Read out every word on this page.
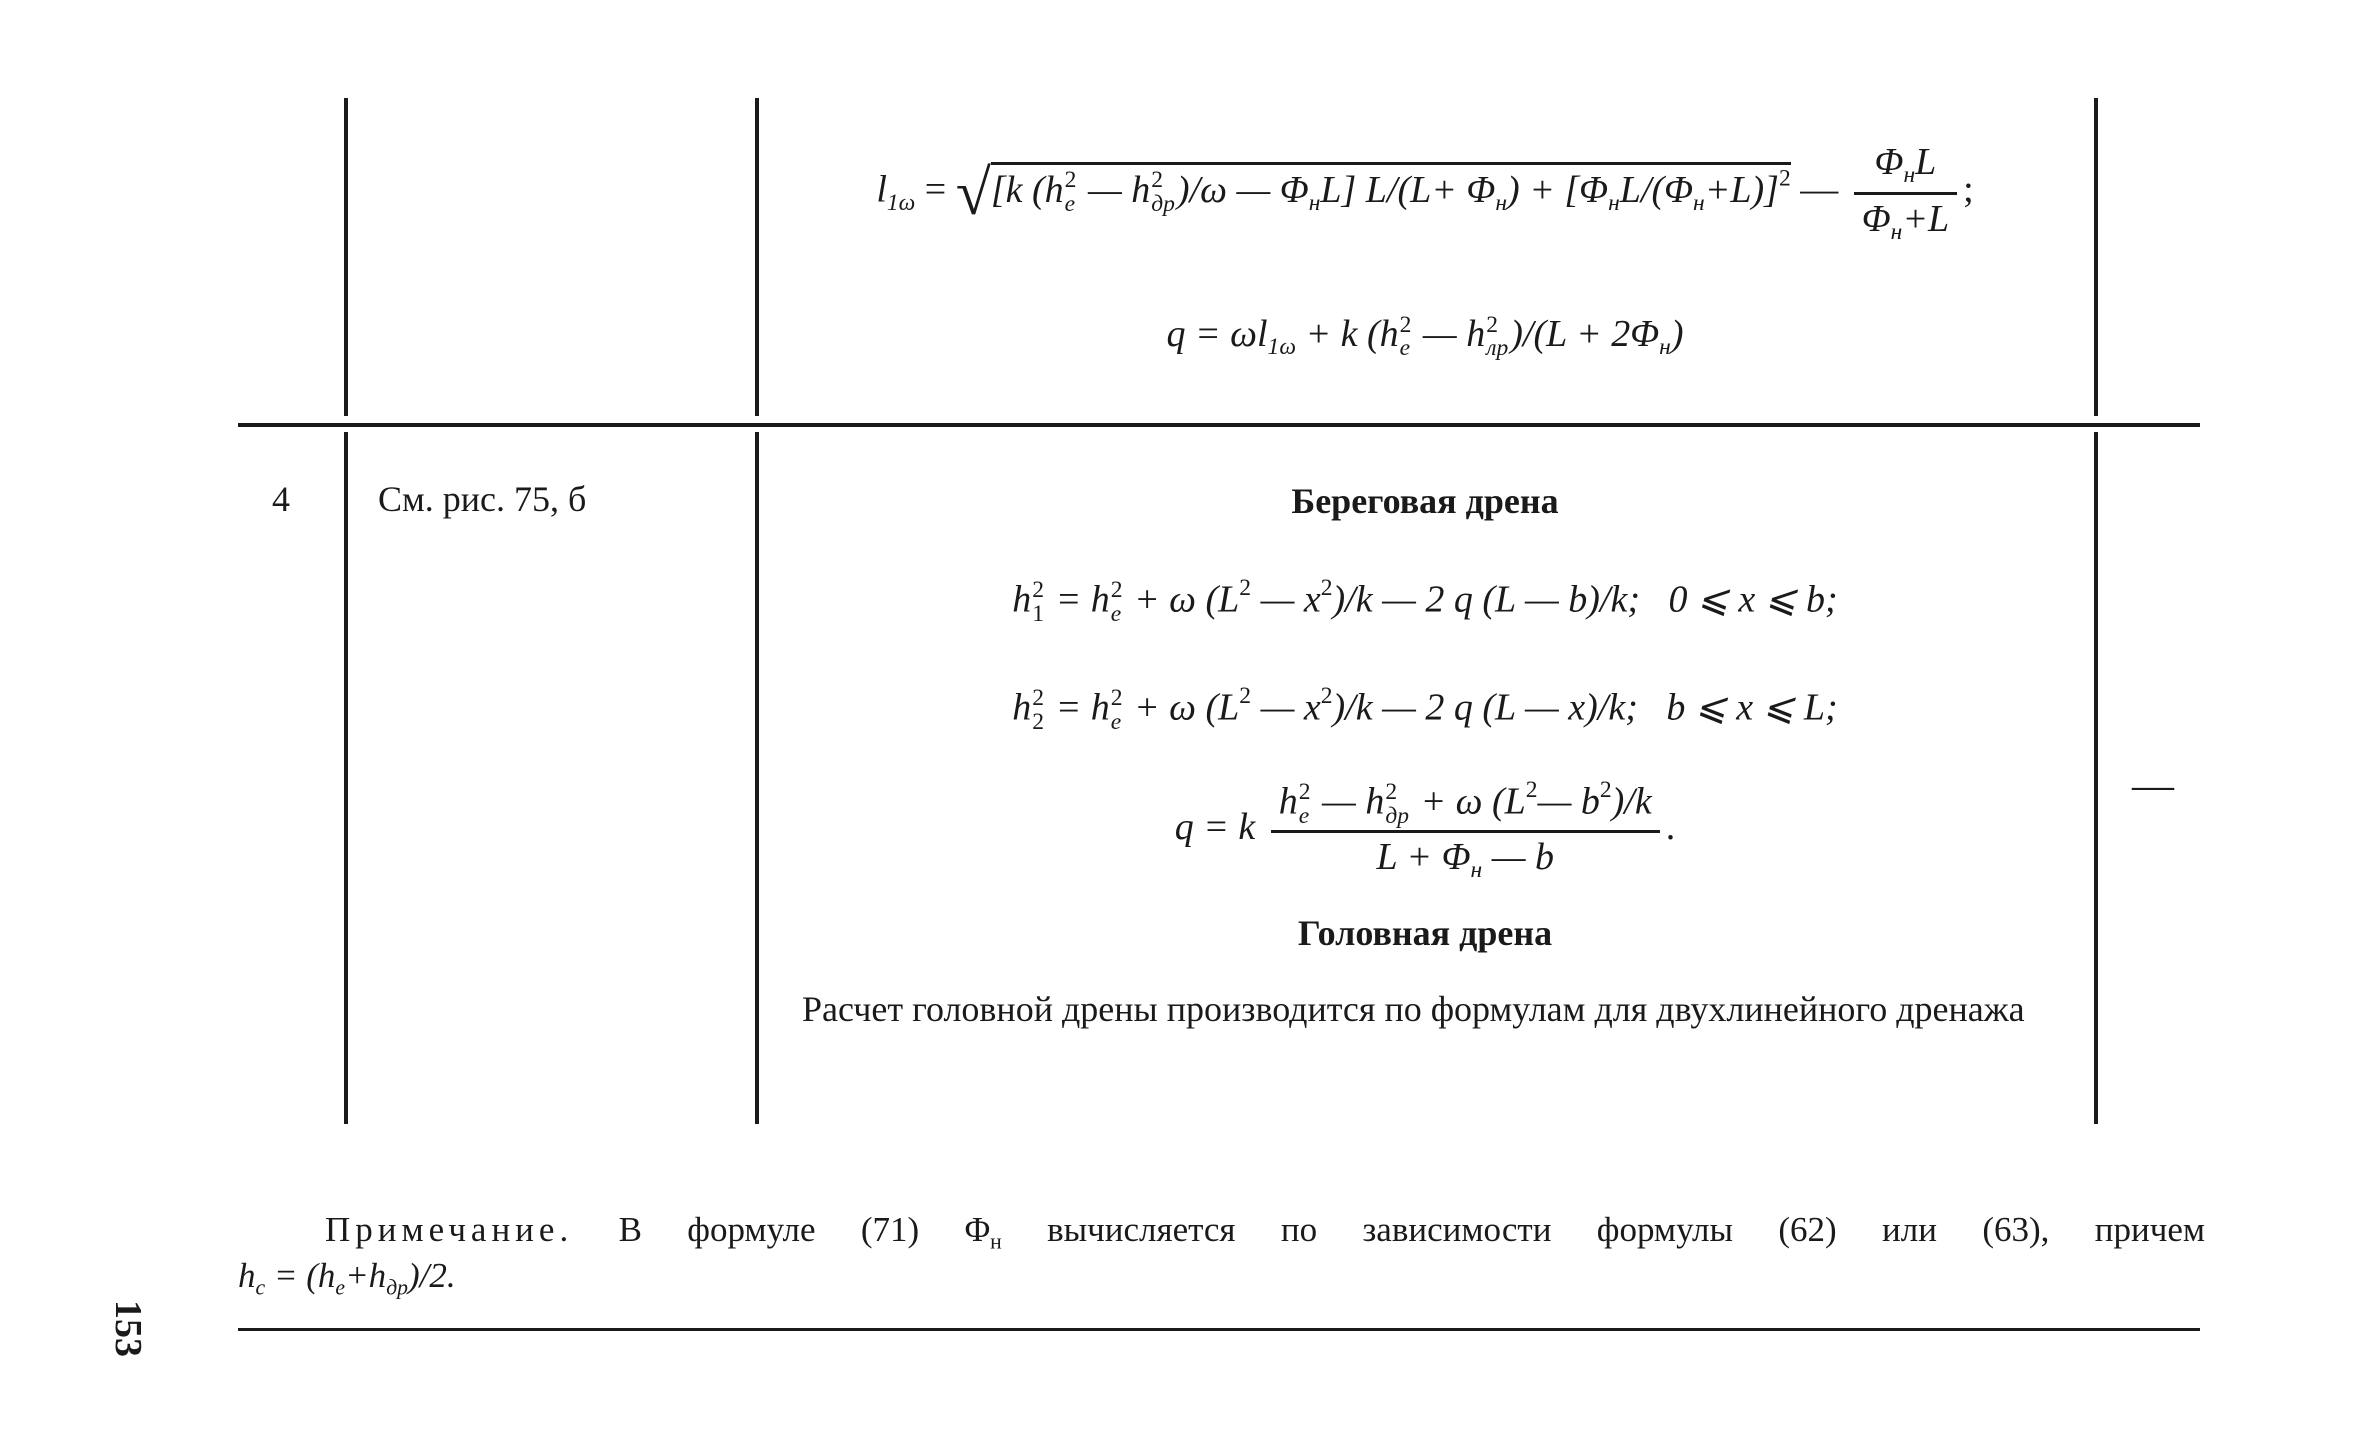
$l_{1\omega} = √[k$ (h 2
e — h 2
др )/ω — $\Phi_нL$] $L/(L+ \Phi_н) + [\Phi_нL/(\Phi_н+L)]^2$ — $\frac{\Phi_нL}{\Phi_н+L}$ ;
$q = \omega l_{1\omega} + k$ (h 2
e — h 2
лр )$/(L + 2\Phi_н)$
4 См. рис. 75, б
—
Береговая дрена
h 2
1 = h 2
e + ω ($L^2$ — $x^2)/k$ — 2 q (L — b)/k; 0 ⩽ x ⩽ b;
h 2
2 = h 2
e + ω ($L^2$ — $x^2)/k$ — 2 q (L — x)/k; b ⩽ x ⩽ L;
q = k h 2
e — h 2
др + ω ($L^2—$ $b^2)/k$
$L + \Phi_н$ — b .
Головная дрена
Расчет головной дрены производится по формулам для двухлинейного дренажа
Примечание. В формуле (71) $\Phi_н$ вычисляется по зависимости формулы (62) или (63), причем
$h_c = (h_e+h_{др})/2$.
153
